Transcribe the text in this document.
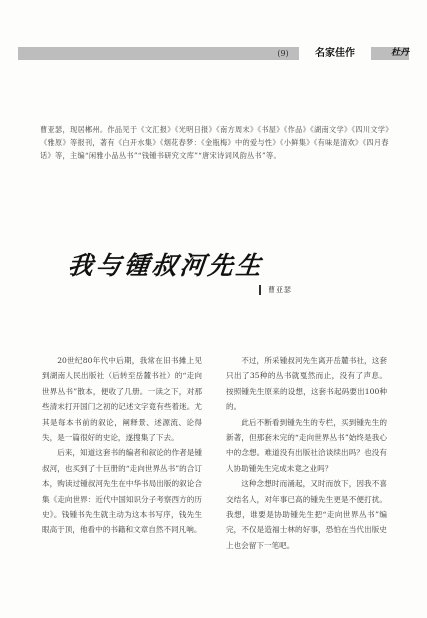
(9)	名家佳作	杜丹
曹亚瑟，现居郴州。作品见于《文汇报》《光明日报》《南方周末》《书屋》《作品》《湖南文学》《四川文学》《雅原》等报刊，著有《白开水集》《烟花春梦：《金瓶梅》中的爱与性》《小鲜集》《有味是清欢》《四月春话》等，主编“闲雅小品丛书”“钱锺书研究文库”“唐宋诗词风韵丛书”等。
我与锺叔河先生
曹亚瑟

20世纪80年代中后期，我常在旧书摊上见到湖南人民出版社（后转至岳麓书社）的“走向世界丛书”散本，便收了几册。一读之下，对那些清末打开国门之初的记述文字竟有些着迷。尤其是每本书前的叙论，阐释景、述源流、论得失，是一篇很好的史论，遂搜集了下去。

后来，知道这套书的编者和叙论的作者是锺叔河，也买到了十巨册的“走向世界丛书”的合订本，购读过锺叔河先生在中华书局出版的叙论合集《走向世界：近代中国知识分子考察西方的历史》。钱锺书先生就主动为这本书写序，钱先生眼高于顶，他看中的书籍和文章自然不同凡响。

不过，所采锺叔河先生离开岳麓书社，这套只出了35种的丛书就戛然而止，没有了声息。按照锺先生原来的设想，这套书起码要出100种的。

此后不断看到锺先生的专栏，买到锺先生的新著，但那套未完的“走向世界丛书”始终是我心中的念想。难道没有出版社洽谈续出吗？也没有人协助锺先生完成未竟之业吗？

这种念想时而涌起，又时而放下，因我不喜交结名人，对年事已高的锺先生更是不便打扰。我想，谁要是协助锺先生把“走向世界丛书”编完，不仅是造福士林的好事，恐怕在当代出版史上也会留下一笔吧。
